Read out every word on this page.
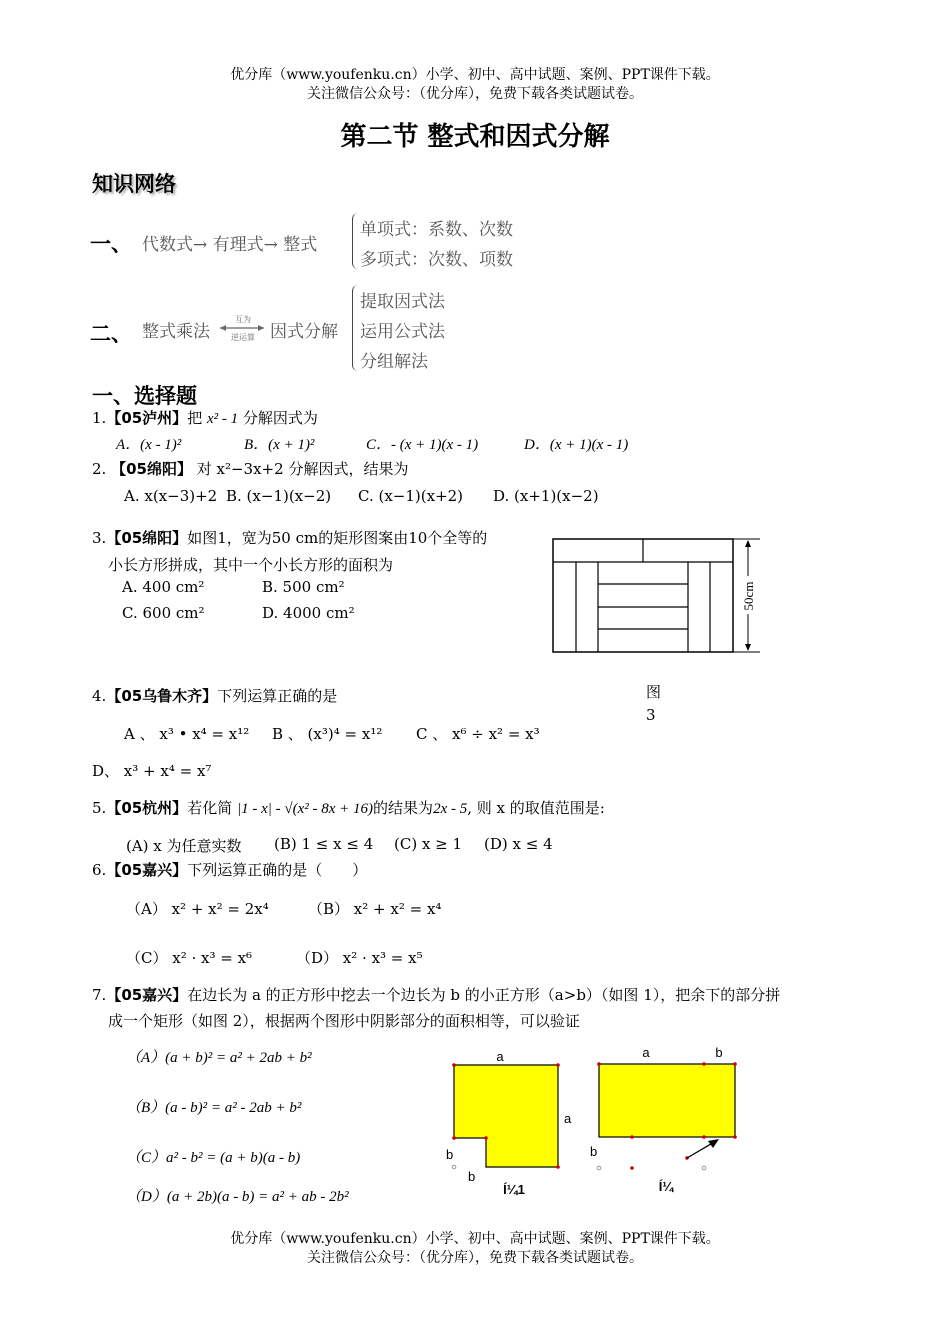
优分库（www.youfenku.cn）小学、初中、高中试题、案例、PPT课件下载。
关注微信公众号：（优分库），免费下载各类试题试卷。
第二节 整式和因式分解
知识网络
一、 代数式→ 有理式→ 整式
单项式：系数、次数
多项式：次数、项数
二、 整式乘法
互为
逆运算 因式分解
提取因式法
运用公式法
分组解法
一、选择题
1.【05泸州】把 x² - 1 分解因式为
A．(x - 1)²	B．(x + 1)²	C．- (x + 1)(x - 1)	D．(x + 1)(x - 1)
2. 【05绵阳】 对 x²−3x+2 分解因式，结果为
A. x(x−3)+2 B. (x−1)(x−2) C. (x−1)(x+2) D. (x+1)(x−2)
3.【05绵阳】如图1，宽为50 cm的矩形图案由10个全等的
小长方形拼成，其中一个小长方形的面积为
A. 400 cm²	B. 500 cm²
C. 600 cm²	D. 4000 cm²
50cm
图
3
4.【05乌鲁木齐】下列运算正确的是
A 、 x³ • x⁴ = x¹² B 、 (x³)⁴ = x¹² C 、 x⁶ ÷ x² = x³
D、 x³ + x⁴ = x⁷
5.【05杭州】若化简 |1 - x| - √(x² - 8x + 16)的结果为2x - 5, 则 x 的取值范围是:
(A) x 为任意实数 (B) 1 ≤ x ≤ 4 (C) x ≥ 1 (D) x ≤ 4
6.【05嘉兴】下列运算正确的是（　　）
（A） x² + x² = 2x⁴	（B） x² + x² = x⁴
（C） x² · x³ = x⁶	（D） x² · x³ = x⁵
7.【05嘉兴】在边长为 a 的正方形中挖去一个边长为 b 的小正方形（a>b）（如图 1），把余下的部分拼
成一个矩形（如图 2），根据两个图形中阴影部分的面积相等，可以验证
（A）(a + b)² = a² + 2ab + b²
（B）(a - b)² = a² - 2ab + b²
（C）a² - b² = (a + b)(a - b)
（D）(a + 2b)(a - b) = a² + ab - 2b²
a
a
b
b
Í¼1
a	b
b
Í¼
优分库（www.youfenku.cn）小学、初中、高中试题、案例、PPT课件下载。
关注微信公众号：（优分库），免费下载各类试题试卷。
